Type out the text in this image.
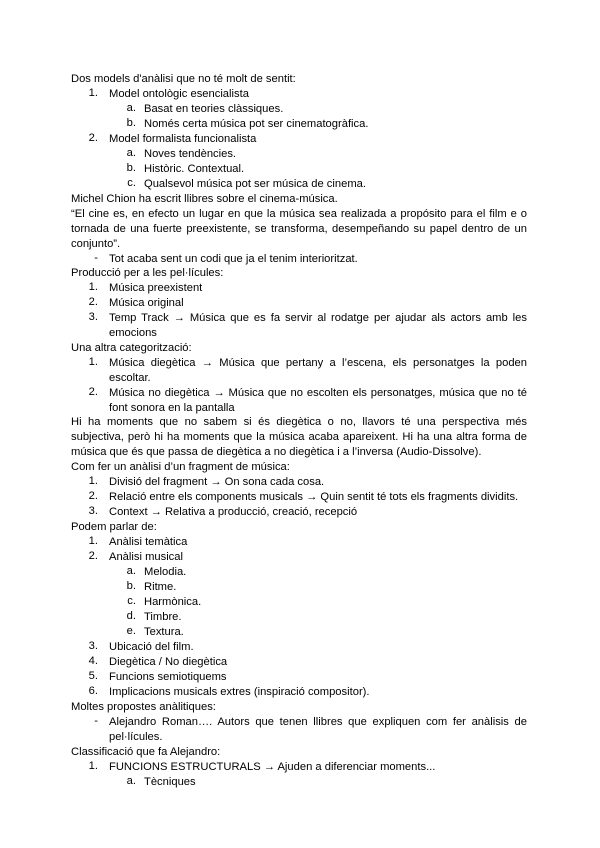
Dos models d'anàlisi que no té molt de sentit:
1. Model ontològic esencialista
a. Basat en teories clàssiques.
b. Només certa música pot ser cinematogràfica.
2. Model formalista funcionalista
a. Noves tendències.
b. Històric. Contextual.
c. Qualsevol música pot ser música de cinema.
Michel Chion ha escrit llibres sobre el cinema-música.
“El cine es, en efecto un lugar en que la música sea realizada a propósito para el film e o
tornada de una fuerte preexistente, se transforma, desempeñando su papel dentro de un
conjunto”.
- Tot acaba sent un codi que ja el tenim interioritzat.
Producció per a les pel·lícules:
1. Música preexistent
2. Música original
3. Temp Track → Música que es fa servir al rodatge per ajudar als actors amb les
emocions
Una altra categorització:
1. Música diegètica → Música que pertany a l’escena, els personatges la poden
escoltar.
2. Música no diegètica → Música que no escolten els personatges, música que no té
font sonora en la pantalla
Hi ha moments que no sabem si és diegètica o no, llavors té una perspectiva més
subjectiva, però hi ha moments que la música acaba apareixent. Hi ha una altra forma de
música que és que passa de diegètica a no diegètica i a l’inversa (Audio-Dissolve).
Com fer un anàlisi d’un fragment de música:
1. Divisió del fragment → On sona cada cosa.
2. Relació entre els components musicals → Quin sentit té tots els fragments dividits.
3. Context → Relativa a producció, creació, recepció
Podem parlar de:
1. Anàlisi temàtica
2. Anàlisi musical
a. Melodia.
b. Ritme.
c. Harmònica.
d. Timbre.
e. Textura.
3. Ubicació del film.
4. Diegètica / No diegètica
5. Funcions semiotiquems
6. Implicacions musicals extres (inspiració compositor).
Moltes propostes anàlitiques:
- Alejandro Roman…. Autors que tenen llibres que expliquen com fer anàlisis de
pel·lícules.
Classificació que fa Alejandro:
1. FUNCIONS ESTRUCTURALS → Ajuden a diferenciar moments...
a. Tècniques
